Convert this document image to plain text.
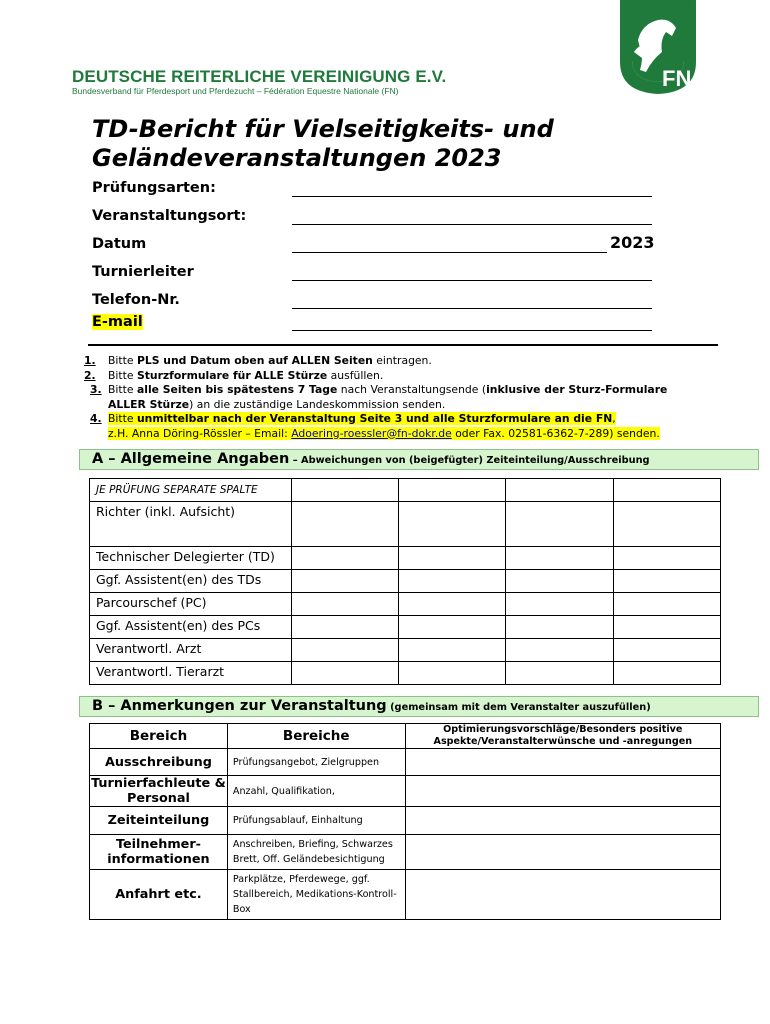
DEUTSCHE REITERLICHE VEREINIGUNG E.V.
Bundesverband für Pferdesport und Pferdezucht – Fédération Equestre Nationale (FN)	FN
®
TD-Bericht für Vielseitigkeits- und
Geländeveranstaltungen 2023
Prüfungsarten:
Veranstaltungsort:
Datum	2023
Turnierleiter
Telefon-Nr.
E-mail
1. Bitte PLS und Datum oben auf ALLEN Seiten eintragen.
2. Bitte Sturzformulare für ALLE Stürze ausfüllen.
3. Bitte alle Seiten bis spätestens 7 Tage nach Veranstaltungsende (inklusive der Sturz-Formulare
ALLER Stürze) an die zuständige Landeskommission senden.
4. Bitte unmittelbar nach der Veranstaltung Seite 3 und alle Sturzformulare an die FN,
z.H. Anna Döring-Rössler – Email: Adoering-roessler@fn-dokr.de oder Fax. 02581-6362-7-289) senden.
A – Allgemeine Angaben – Abweichungen von (beigefügter) Zeiteinteilung/Ausschreibung
JE PRÜFUNG SEPARATE SPALTE				
Richter (inkl. Aufsicht)				
Technischer Delegierter (TD)				
Ggf. Assistent(en) des TDs				
Parcourschef (PC)				
Ggf. Assistent(en) des PCs				
Verantwortl. Arzt				
Verantwortl. Tierarzt				
B – Anmerkungen zur Veranstaltung (gemeinsam mit dem Veranstalter auszufüllen)
Bereich	Bereiche	Optimierungsvorschläge/Besonders positive Aspekte/Veranstalterwünsche und -anregungen
Ausschreibung	Prüfungsangebot, Zielgruppen	
Turnierfachleute & Personal	Anzahl, Qualifikation,	
Zeiteinteilung	Prüfungsablauf, Einhaltung	
Teilnehmer-informationen	Anschreiben, Briefing, Schwarzes Brett, Off. Geländebesichtigung	
Anfahrt etc.	Parkplätze, Pferdewege, ggf. Stallbereich, Medikations-Kontroll-Box	
